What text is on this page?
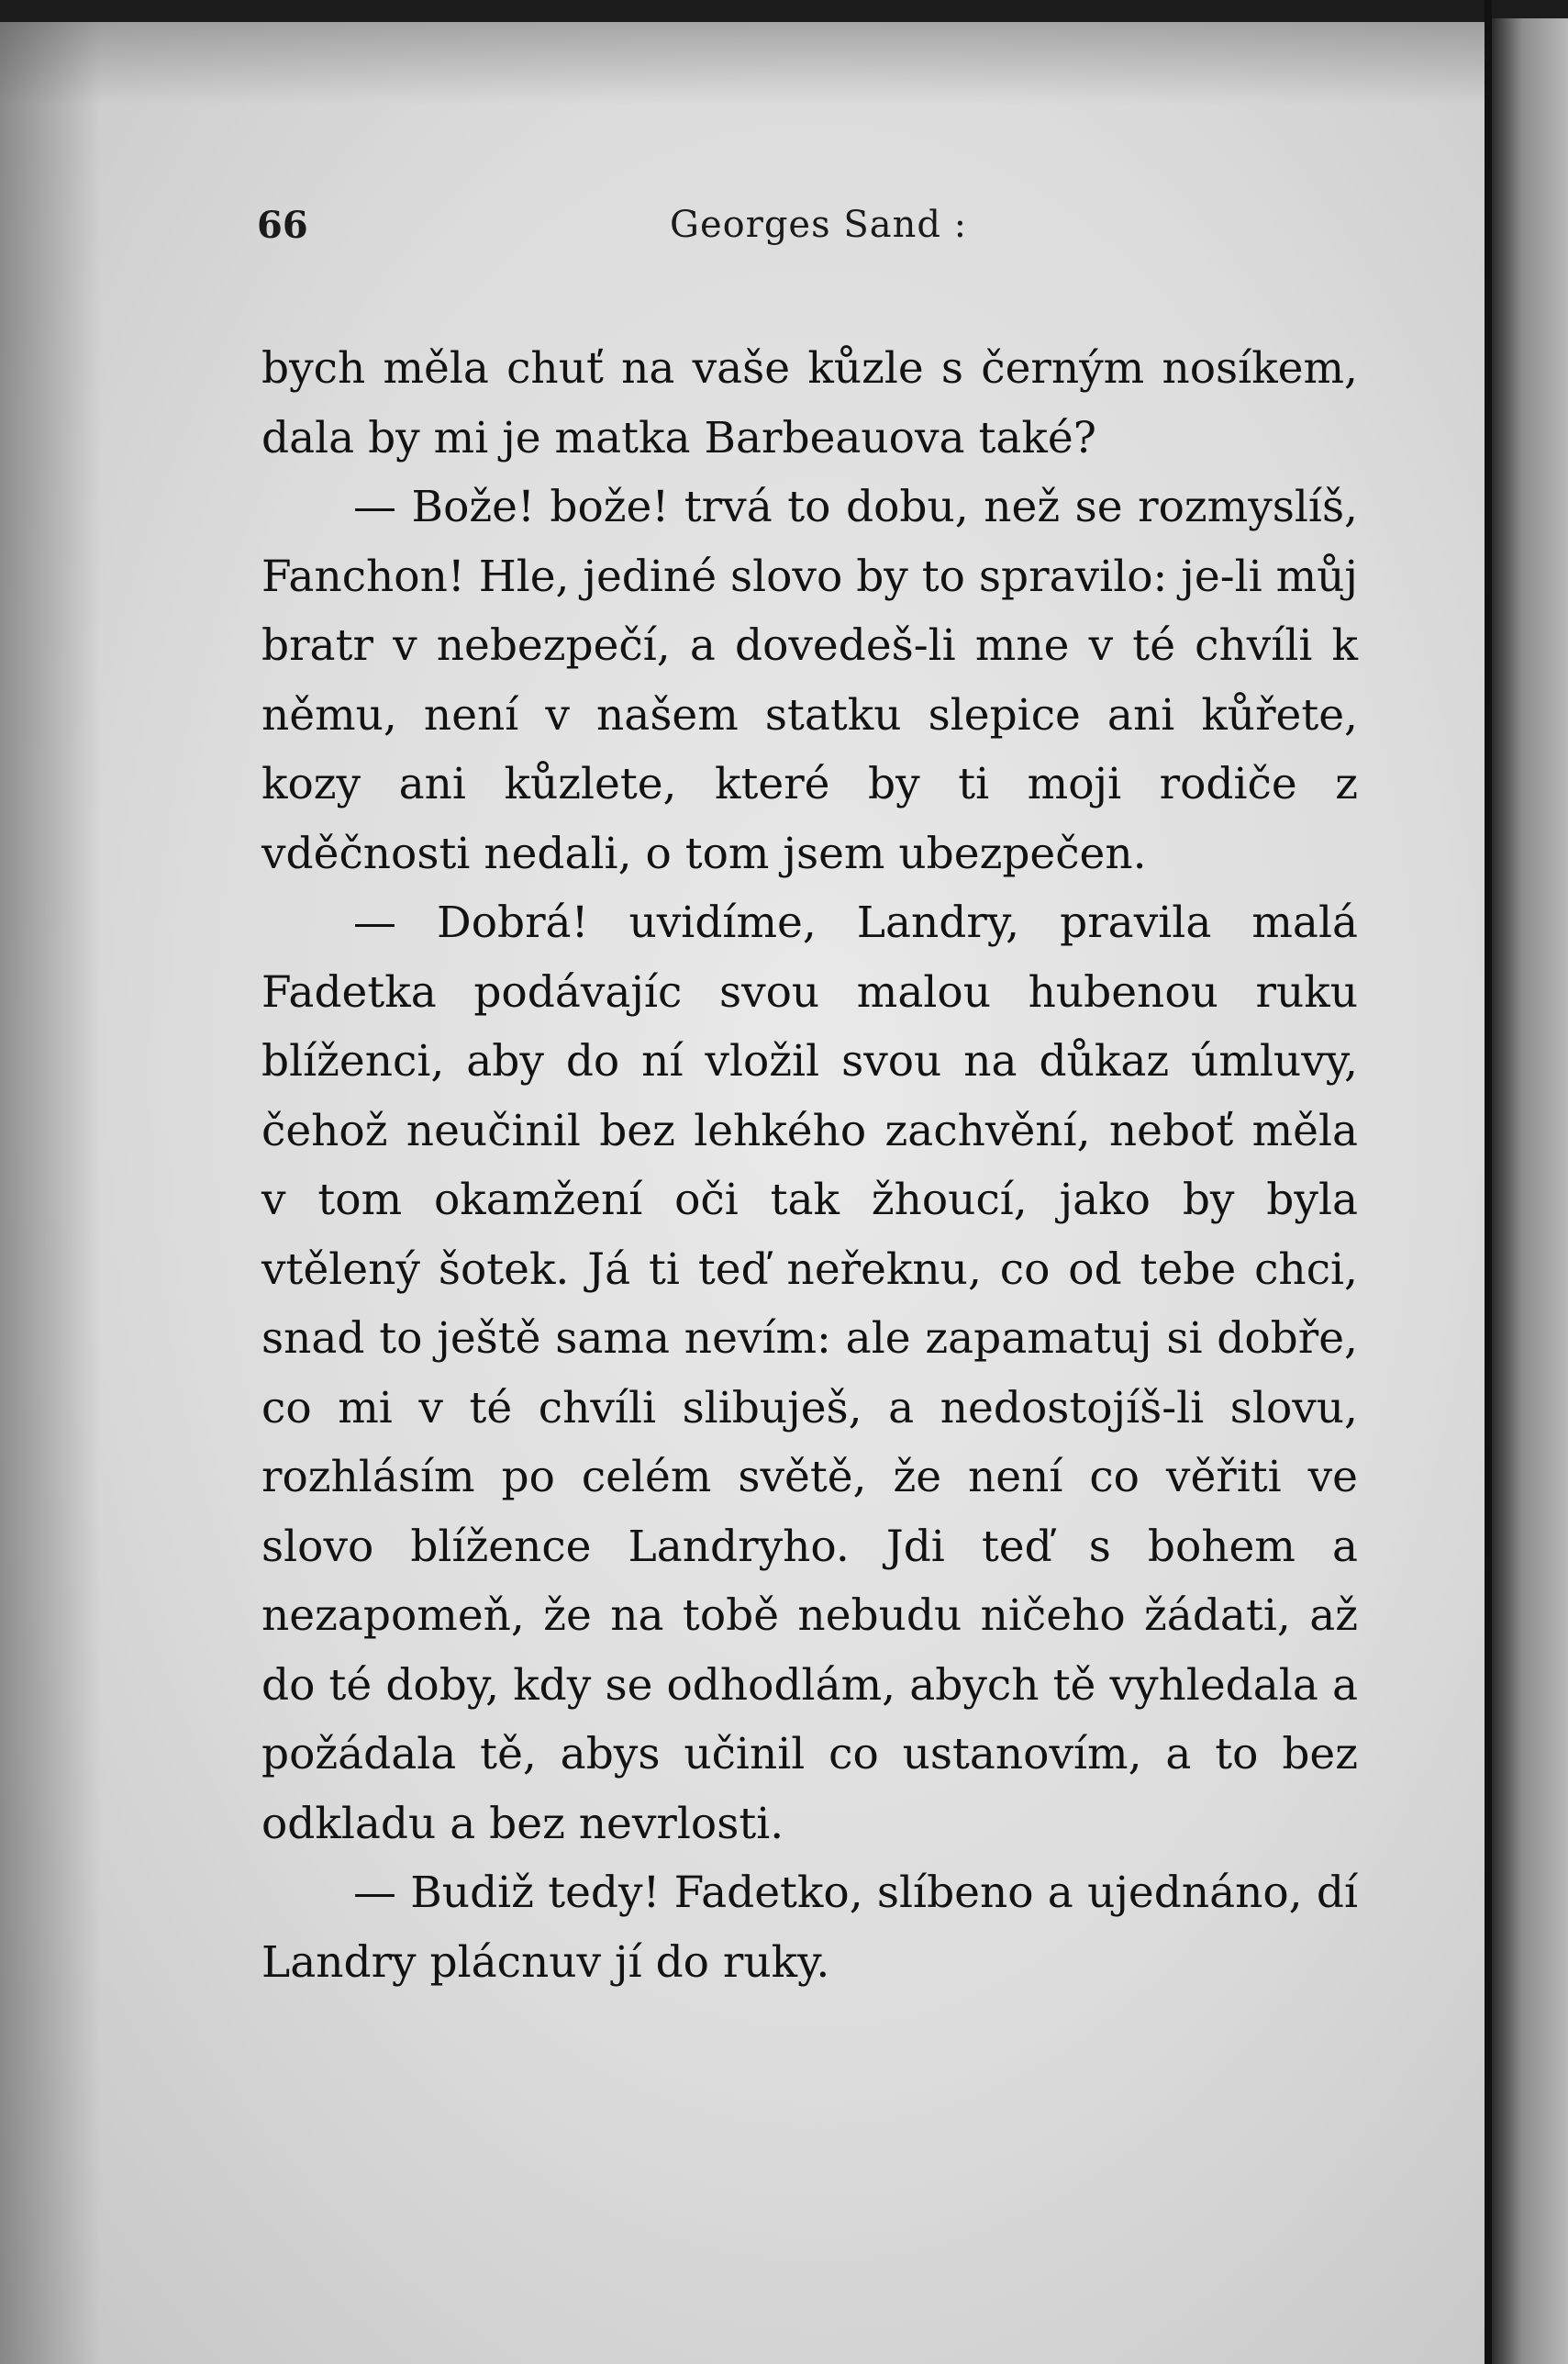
66	Georges Sand :

bych měla chuť na vaše kůzle s černým nosíkem, dala by mi je matka Barbeauova také?

— Bože! bože! trvá to dobu, než se rozmyslíš, Fanchon! Hle, jediné slovo by to spravilo: je-li můj bratr v nebezpečí, a dovedeš-li mne v té chvíli k němu, není v našem statku slepice ani kůřete, kozy ani kůzlete, které by ti moji rodiče z vděčnosti nedali, o tom jsem ubezpečen.

— Dobrá! uvidíme, Landry, pravila malá Fadetka podávajíc svou malou hubenou ruku blíženci, aby do ní vložil svou na důkaz úmluvy, čehož neučinil bez lehkého zachvění, neboť měla v tom okamžení oči tak žhoucí, jako by byla vtělený šotek. Já ti teď neřeknu, co od tebe chci, snad to ještě sama nevím: ale zapamatuj si dobře, co mi v té chvíli slibuješ, a nedostojíš-li slovu, rozhlásím po celém světě, že není co věřiti ve slovo blížence Landryho. Jdi teď s bohem a nezapomeň, že na tobě nebudu ničeho žádati, až do té doby, kdy se odhodlám, abych tě vyhledala a požádala tě, abys učinil co ustanovím, a to bez odkladu a bez nevrlosti.

— Budiž tedy! Fadetko, slíbeno a ujednáno, dí Landry plácnuv jí do ruky.
